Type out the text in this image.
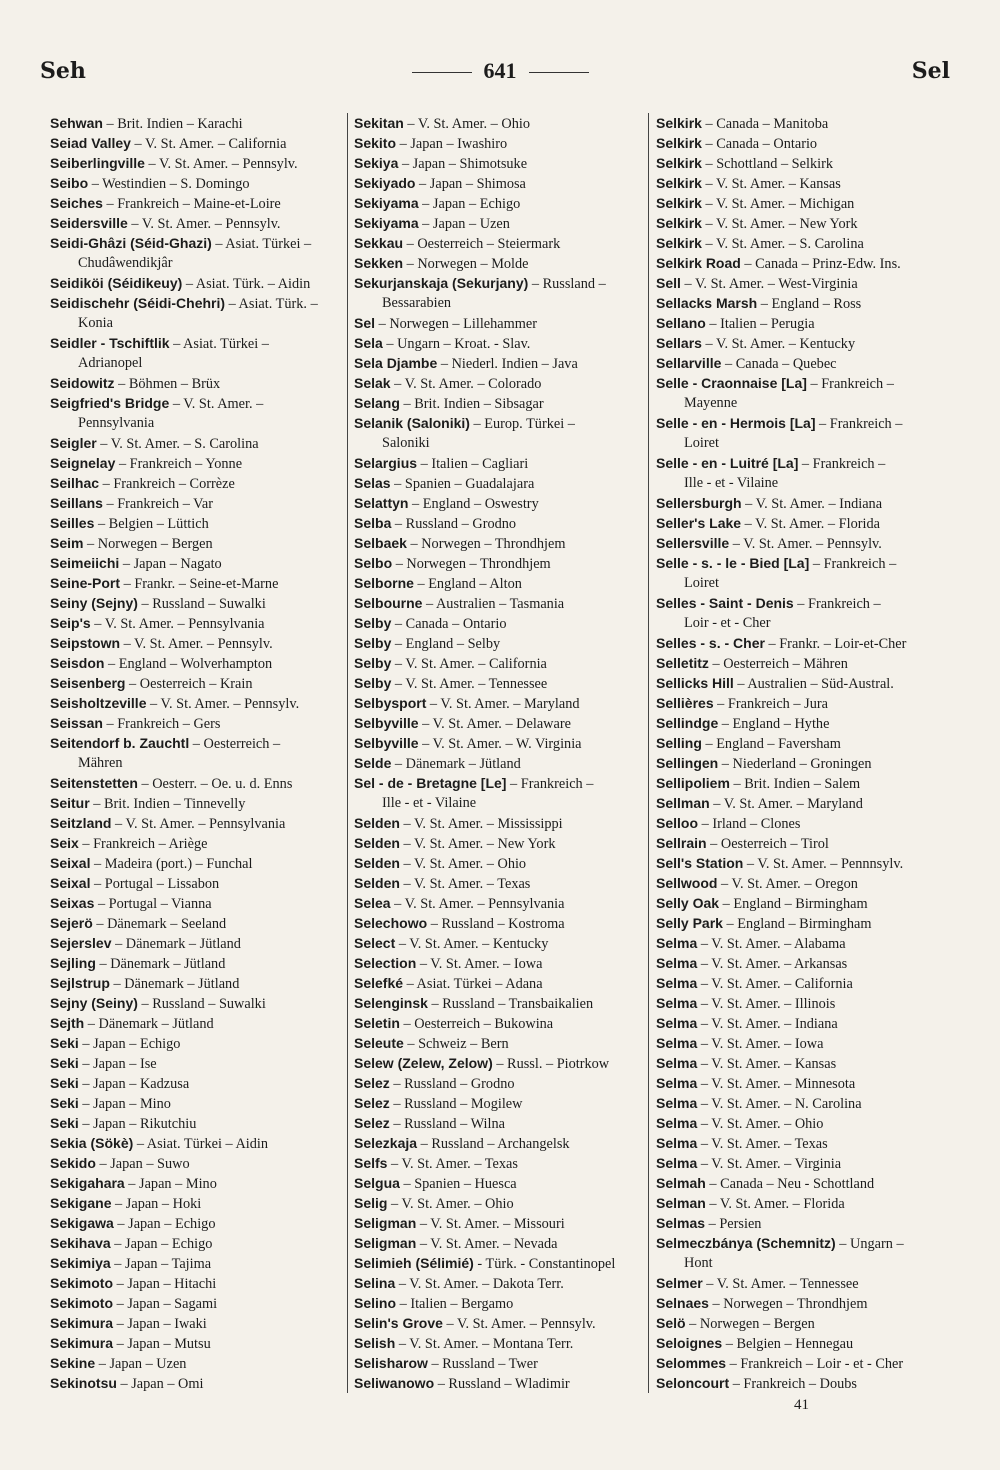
Seh	641	Sel
Sehwan – Brit. Indien – Karachi
Seiad Valley – V. St. Amer. – California
Seiberlingville – V. St. Amer. – Pennsylv.
Seibo – Westindien – S. Domingo
Seiches – Frankreich – Maine-et-Loire
Seidersville – V. St. Amer. – Pennsylv.
Seidi-Ghâzi (Séid-Ghazi) – Asiat. Türkei –
Chudâwendikjâr
Seidiköi (Séidikeuy) – Asiat. Türk. – Aidin
Seidischehr (Séidi-Chehri) – Asiat. Türk. –
Konia
Seidler - Tschiftlik – Asiat. Türkei –
Adrianopel
Seidowitz – Böhmen – Brüx
Seigfried's Bridge – V. St. Amer. –
Pennsylvania
Seigler – V. St. Amer. – S. Carolina
Seignelay – Frankreich – Yonne
Seilhac – Frankreich – Corrèze
Seillans – Frankreich – Var
Seilles – Belgien – Lüttich
Seim – Norwegen – Bergen
Seimeiichi – Japan – Nagato
Seine-Port – Frankr. – Seine-et-Marne
Seiny (Sejny) – Russland – Suwalki
Seip's – V. St. Amer. – Pennsylvania
Seipstown – V. St. Amer. – Pennsylv.
Seisdon – England – Wolverhampton
Seisenberg – Oesterreich – Krain
Seisholtzeville – V. St. Amer. – Pennsylv.
Seissan – Frankreich – Gers
Seitendorf b. Zauchtl – Oesterreich –
Mähren
Seitenstetten – Oesterr. – Oe. u. d. Enns
Seitur – Brit. Indien – Tinnevelly
Seitzland – V. St. Amer. – Pennsylvania
Seix – Frankreich – Ariège
Seixal – Madeira (port.) – Funchal
Seixal – Portugal – Lissabon
Seixas – Portugal – Vianna
Sejerö – Dänemark – Seeland
Sejerslev – Dänemark – Jütland
Sejling – Dänemark – Jütland
Sejlstrup – Dänemark – Jütland
Sejny (Seiny) – Russland – Suwalki
Sejth – Dänemark – Jütland
Seki – Japan – Echigo
Seki – Japan – Ise
Seki – Japan – Kadzusa
Seki – Japan – Mino
Seki – Japan – Rikutchiu
Sekia (Sökè) – Asiat. Türkei – Aidin
Sekido – Japan – Suwo
Sekigahara – Japan – Mino
Sekigane – Japan – Hoki
Sekigawa – Japan – Echigo
Sekihava – Japan – Echigo
Sekimiya – Japan – Tajima
Sekimoto – Japan – Hitachi
Sekimoto – Japan – Sagami
Sekimura – Japan – Iwaki
Sekimura – Japan – Mutsu
Sekine – Japan – Uzen
Sekinotsu – Japan – Omi
Sekitan – V. St. Amer. – Ohio
Sekito – Japan – Iwashiro
Sekiya – Japan – Shimotsuke
Sekiyado – Japan – Shimosa
Sekiyama – Japan – Echigo
Sekiyama – Japan – Uzen
Sekkau – Oesterreich – Steiermark
Sekken – Norwegen – Molde
Sekurjanskaja (Sekurjany) – Russland –
Bessarabien
Sel – Norwegen – Lillehammer
Sela – Ungarn – Kroat. - Slav.
Sela Djambe – Niederl. Indien – Java
Selak – V. St. Amer. – Colorado
Selang – Brit. Indien – Sibsagar
Selanik (Saloniki) – Europ. Türkei –
Saloniki
Selargius – Italien – Cagliari
Selas – Spanien – Guadalajara
Selattyn – England – Oswestry
Selba – Russland – Grodno
Selbaek – Norwegen – Throndhjem
Selbo – Norwegen – Throndhjem
Selborne – England – Alton
Selbourne – Australien – Tasmania
Selby – Canada – Ontario
Selby – England – Selby
Selby – V. St. Amer. – California
Selby – V. St. Amer. – Tennessee
Selbysport – V. St. Amer. – Maryland
Selbyville – V. St. Amer. – Delaware
Selbyville – V. St. Amer. – W. Virginia
Selde – Dänemark – Jütland
Sel - de - Bretagne [Le] – Frankreich –
Ille - et - Vilaine
Selden – V. St. Amer. – Mississippi
Selden – V. St. Amer. – New York
Selden – V. St. Amer. – Ohio
Selden – V. St. Amer. – Texas
Selea – V. St. Amer. – Pennsylvania
Selechowo – Russland – Kostroma
Select – V. St. Amer. – Kentucky
Selection – V. St. Amer. – Iowa
Selefké – Asiat. Türkei – Adana
Selenginsk – Russland – Transbaikalien
Seletin – Oesterreich – Bukowina
Seleute – Schweiz – Bern
Selew (Zelew, Zelow) – Russl. – Piotrkow
Selez – Russland – Grodno
Selez – Russland – Mogilew
Selez – Russland – Wilna
Selezkaja – Russland – Archangelsk
Selfs – V. St. Amer. – Texas
Selgua – Spanien – Huesca
Selig – V. St. Amer. – Ohio
Seligman – V. St. Amer. – Missouri
Seligman – V. St. Amer. – Nevada
Selimieh (Sélimié) - Türk. - Constantinopel
Selina – V. St. Amer. – Dakota Terr.
Selino – Italien – Bergamo
Selin's Grove – V. St. Amer. – Pennsylv.
Selish – V. St. Amer. – Montana Terr.
Selisharow – Russland – Twer
Seliwanowo – Russland – Wladimir
Selkirk – Canada – Manitoba
Selkirk – Canada – Ontario
Selkirk – Schottland – Selkirk
Selkirk – V. St. Amer. – Kansas
Selkirk – V. St. Amer. – Michigan
Selkirk – V. St. Amer. – New York
Selkirk – V. St. Amer. – S. Carolina
Selkirk Road – Canada – Prinz-Edw. Ins.
Sell – V. St. Amer. – West-Virginia
Sellacks Marsh – England – Ross
Sellano – Italien – Perugia
Sellars – V. St. Amer. – Kentucky
Sellarville – Canada – Quebec
Selle - Craonnaise [La] – Frankreich –
Mayenne
Selle - en - Hermois [La] – Frankreich –
Loiret
Selle - en - Luitré [La] – Frankreich –
Ille - et - Vilaine
Sellersburgh – V. St. Amer. – Indiana
Seller's Lake – V. St. Amer. – Florida
Sellersville – V. St. Amer. – Pennsylv.
Selle - s. - le - Bied [La] – Frankreich –
Loiret
Selles - Saint - Denis – Frankreich –
Loir - et - Cher
Selles - s. - Cher – Frankr. – Loir-et-Cher
Selletitz – Oesterreich – Mähren
Sellicks Hill – Australien – Süd-Austral.
Sellières – Frankreich – Jura
Sellindge – England – Hythe
Selling – England – Faversham
Sellingen – Niederland – Groningen
Sellipoliem – Brit. Indien – Salem
Sellman – V. St. Amer. – Maryland
Selloo – Irland – Clones
Sellrain – Oesterreich – Tirol
Sell's Station – V. St. Amer. – Pennnsylv.
Sellwood – V. St. Amer. – Oregon
Selly Oak – England – Birmingham
Selly Park – England – Birmingham
Selma – V. St. Amer. – Alabama
Selma – V. St. Amer. – Arkansas
Selma – V. St. Amer. – California
Selma – V. St. Amer. – Illinois
Selma – V. St. Amer. – Indiana
Selma – V. St. Amer. – Iowa
Selma – V. St. Amer. – Kansas
Selma – V. St. Amer. – Minnesota
Selma – V. St. Amer. – N. Carolina
Selma – V. St. Amer. – Ohio
Selma – V. St. Amer. – Texas
Selma – V. St. Amer. – Virginia
Selmah – Canada – Neu - Schottland
Selman – V. St. Amer. – Florida
Selmas – Persien
Selmeczbánya (Schemnitz) – Ungarn –
Hont
Selmer – V. St. Amer. – Tennessee
Selnaes – Norwegen – Throndhjem
Selö – Norwegen – Bergen
Seloignes – Belgien – Hennegau
Selommes – Frankreich – Loir - et - Cher
Seloncourt – Frankreich – Doubs
41
